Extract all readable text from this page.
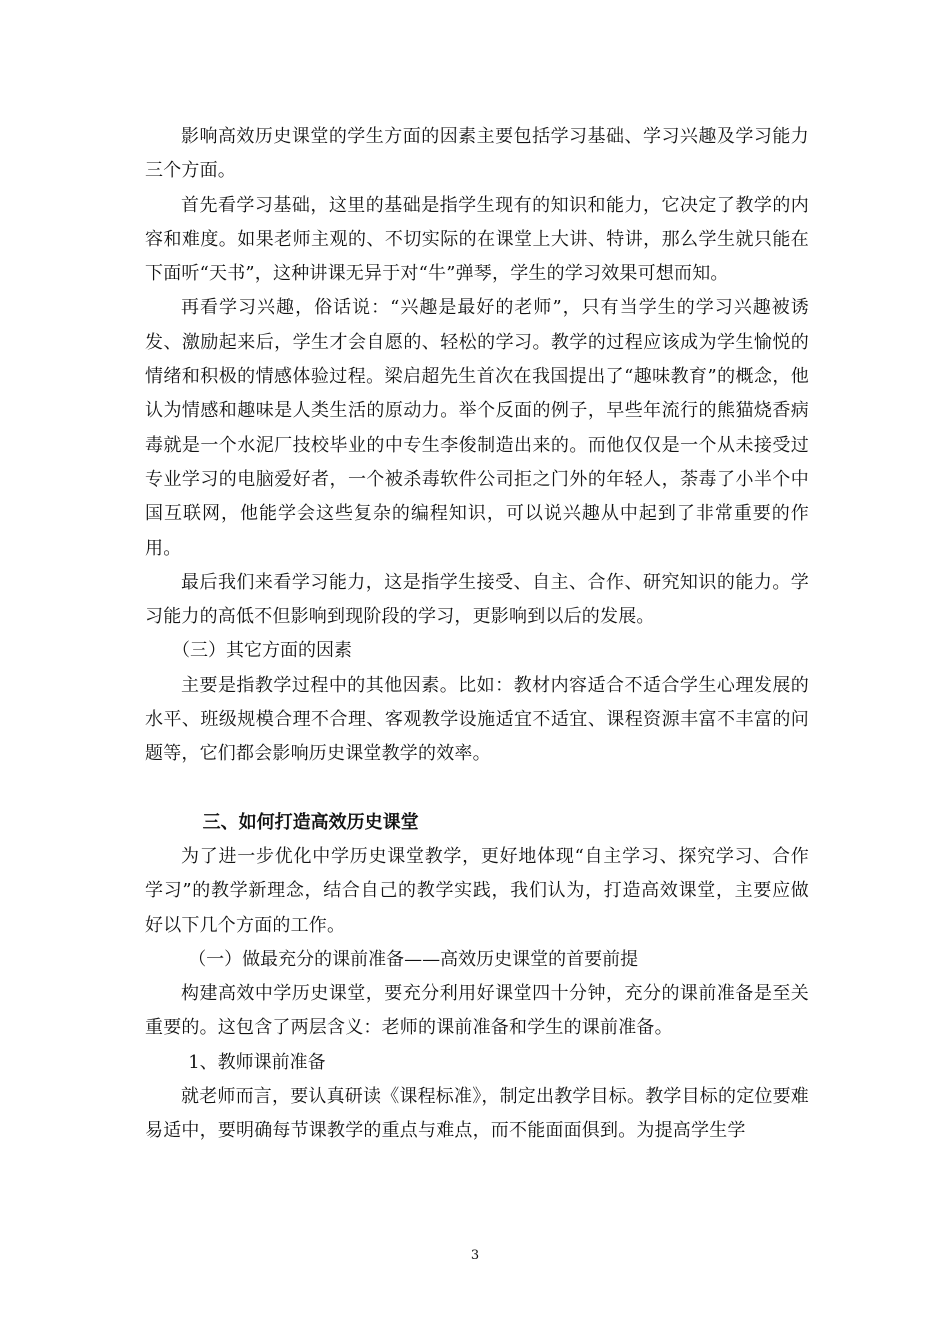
影响高效历史课堂的学生方面的因素主要包括学习基础、学习兴趣及学习能力三个方面。

首先看学习基础，这里的基础是指学生现有的知识和能力，它决定了教学的内容和难度。如果老师主观的、不切实际的在课堂上大讲、特讲，那么学生就只能在下面听“天书”，这种讲课无异于对“牛”弹琴，学生的学习效果可想而知。

再看学习兴趣，俗话说：“兴趣是最好的老师”，只有当学生的学习兴趣被诱发、激励起来后，学生才会自愿的、轻松的学习。教学的过程应该成为学生愉悦的情绪和积极的情感体验过程。梁启超先生首次在我国提出了“趣味教育”的概念，他认为情感和趣味是人类生活的原动力。举个反面的例子，早些年流行的熊猫烧香病毒就是一个水泥厂技校毕业的中专生李俊制造出来的。而他仅仅是一个从未接受过专业学习的电脑爱好者，一个被杀毒软件公司拒之门外的年轻人，荼毒了小半个中国互联网，他能学会这些复杂的编程知识，可以说兴趣从中起到了非常重要的作用。

最后我们来看学习能力，这是指学生接受、自主、合作、研究知识的能力。学习能力的高低不但影响到现阶段的学习，更影响到以后的发展。

（三）其它方面的因素

主要是指教学过程中的其他因素。比如：教材内容适合不适合学生心理发展的水平、班级规模合理不合理、客观教学设施适宜不适宜、课程资源丰富不丰富的问题等，它们都会影响历史课堂教学的效率。

三、如何打造高效历史课堂

为了进一步优化中学历史课堂教学，更好地体现“自主学习、探究学习、合作学习”的教学新理念，结合自己的教学实践，我们认为，打造高效课堂，主要应做好以下几个方面的工作。

（一）做最充分的课前准备——高效历史课堂的首要前提

构建高效中学历史课堂，要充分利用好课堂四十分钟，充分的课前准备是至关重要的。这包含了两层含义：老师的课前准备和学生的课前准备。

1、教师课前准备

就老师而言，要认真研读《课程标准》，制定出教学目标。教学目标的定位要难易适中，要明确每节课教学的重点与难点，而不能面面俱到。为提高学生学

3
